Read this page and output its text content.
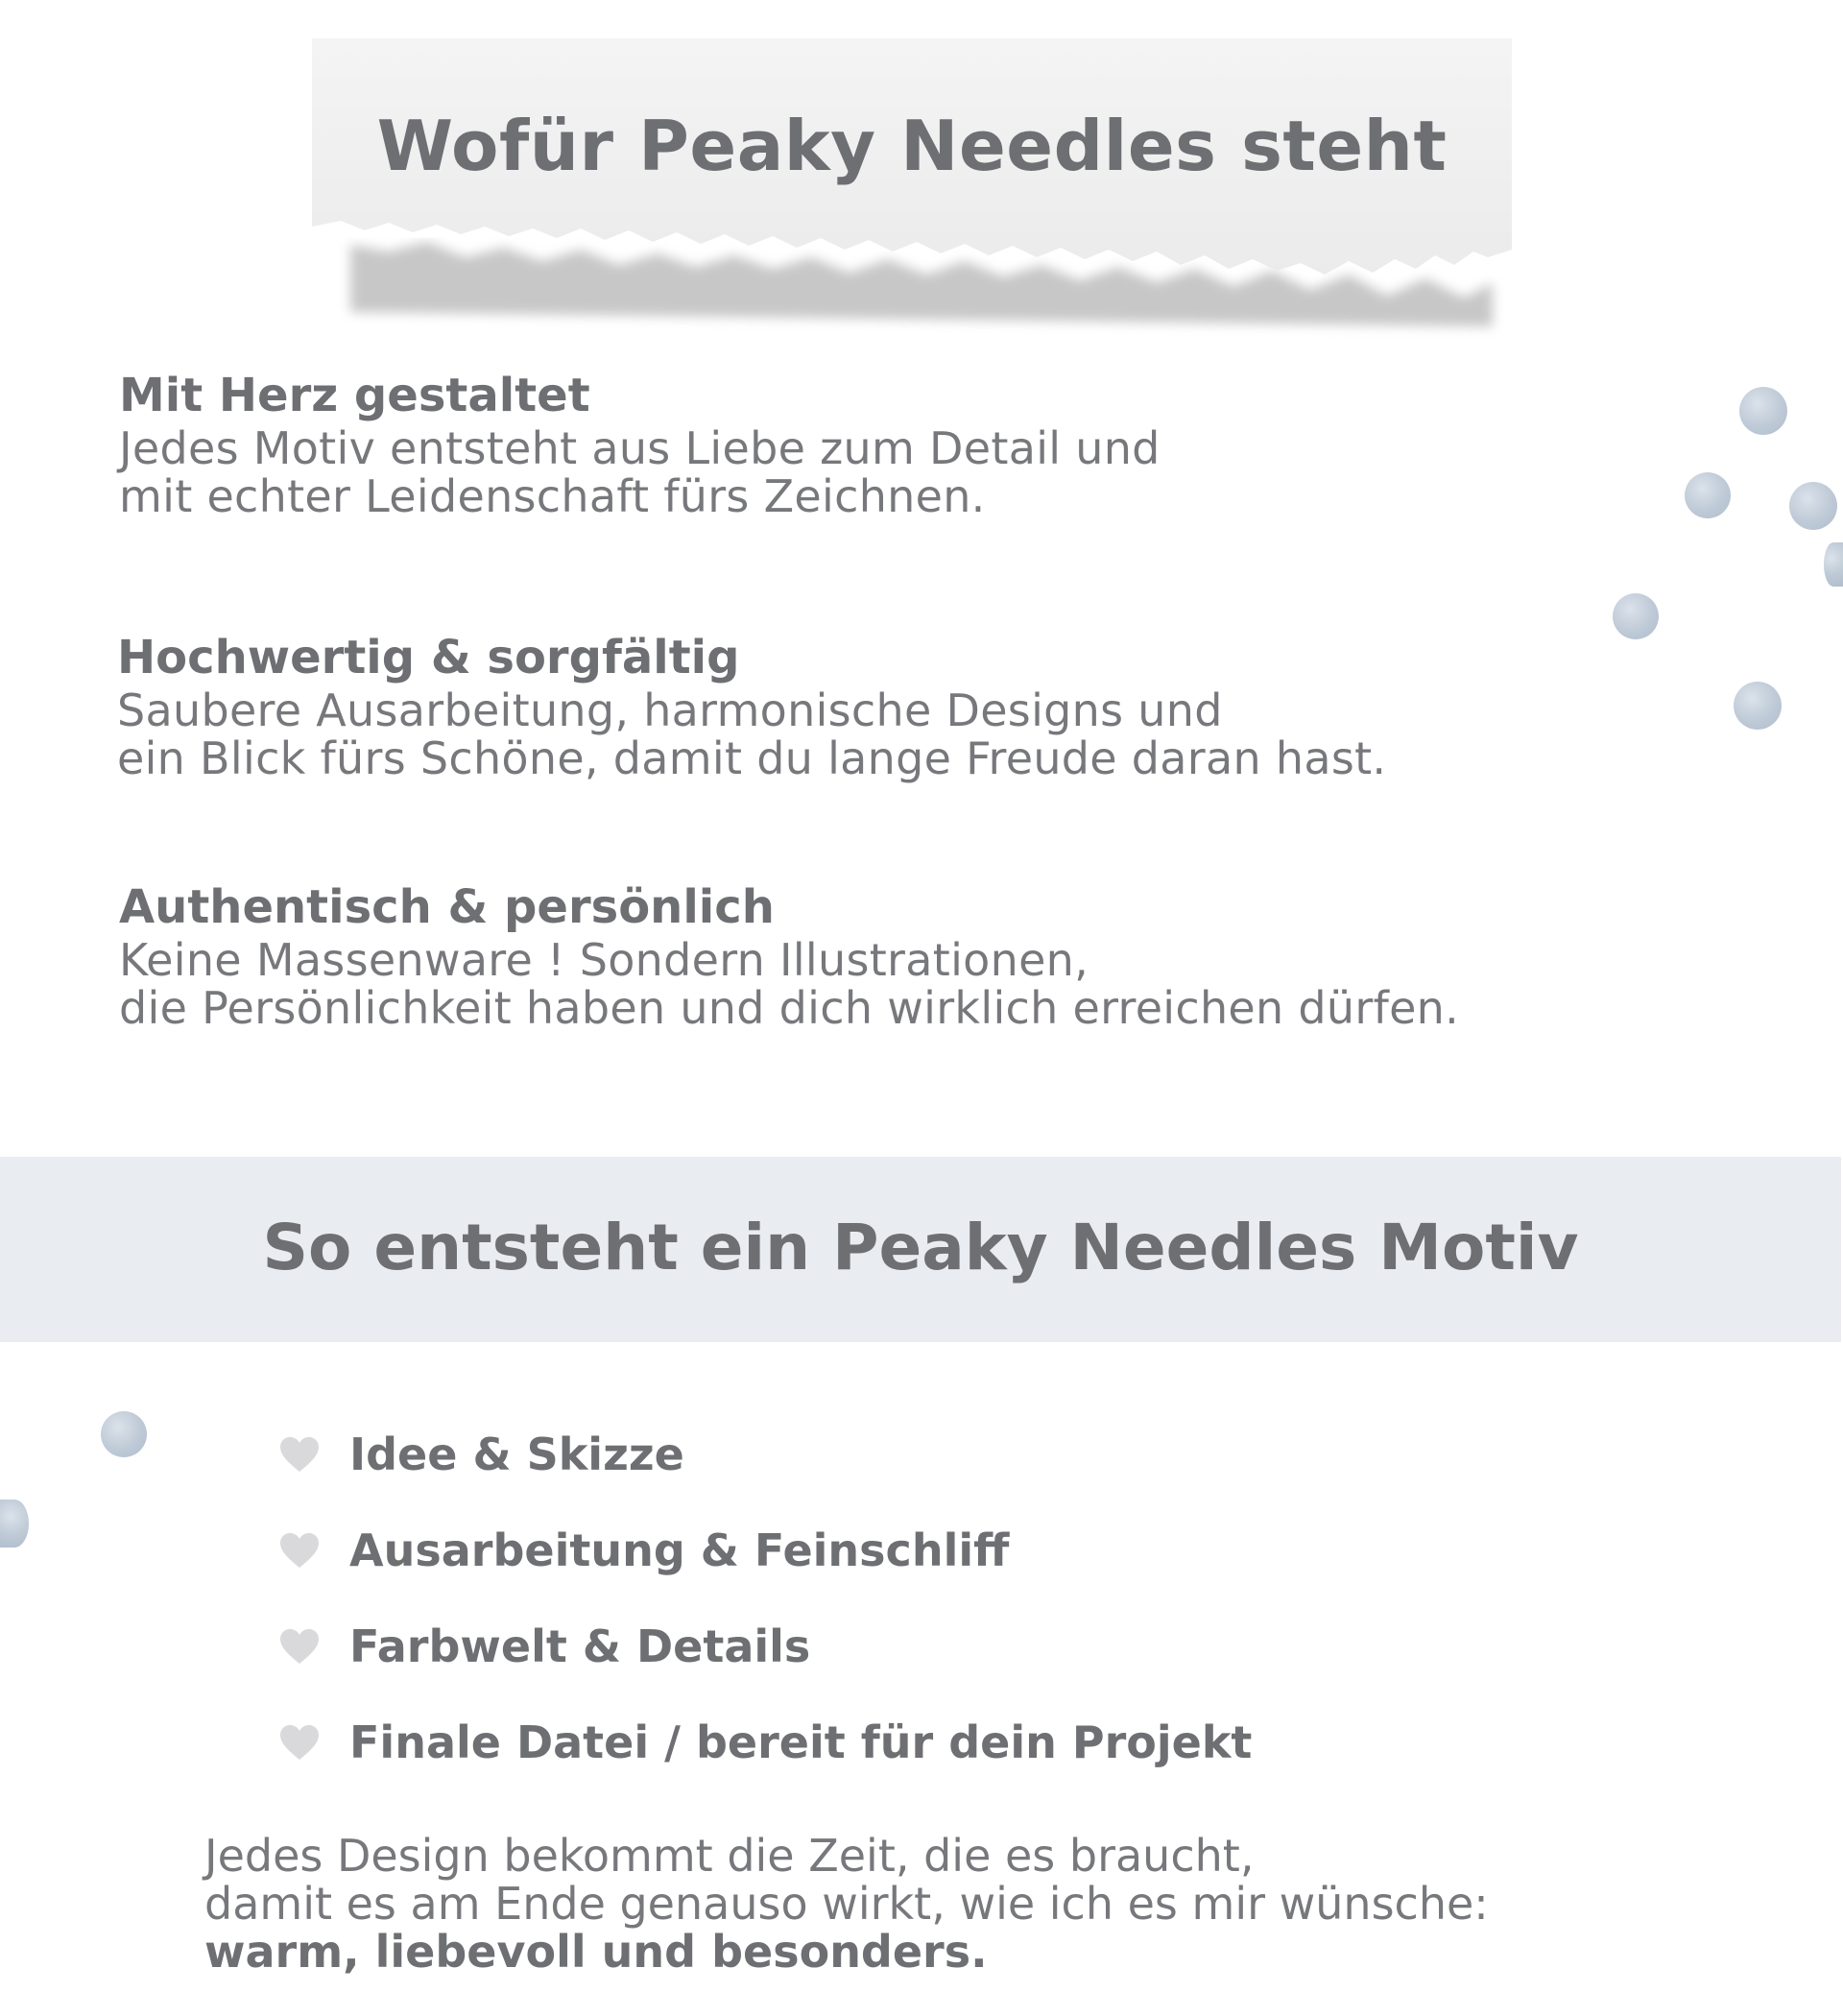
Wofür Peaky Needles steht
Mit Herz gestaltet

Jedes Motiv entsteht aus Liebe zum Detail und
mit echter Leidenschaft fürs Zeichnen.

Hochwertig & sorgfältig

Saubere Ausarbeitung, harmonische Designs und
ein Blick fürs Schöne, damit du lange Freude daran hast.

Authentisch & persönlich

Keine Massenware ! Sondern Illustrationen,
die Persönlichkeit haben und dich wirklich erreichen dürfen.

So entsteht ein Peaky Needles Motiv
Idee & Skizze
Ausarbeitung & Feinschliff
Farbwelt & Details
Finale Datei / bereit für dein Projekt

Jedes Design bekommt die Zeit, die es braucht,
damit es am Ende genauso wirkt, wie ich es mir wünsche:
warm, liebevoll und besonders.
